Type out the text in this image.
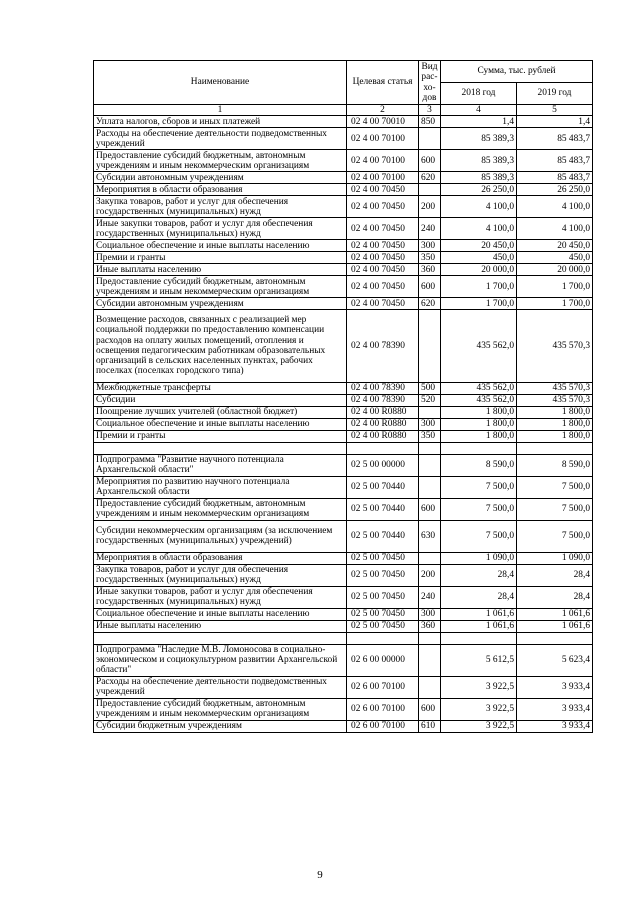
Наименование	Целевая статья	Вид
рас-
хо-
дов	Сумма, тыс. рублей	
			2018 год	2019 год
1	2	3	4	5
Уплата налогов, сборов и иных платежей	02 4 00 70010	850	1,4	1,4
Расходы на обеспечение деятельности подведомственных учреждений	02 4 00 70100		85 389,3	85 483,7
Предоставление субсидий бюджетным, автономным учреждениям и иным некоммерческим организациям	02 4 00 70100	600	85 389,3	85 483,7
Субсидии автономным учреждениям	02 4 00 70100	620	85 389,3	85 483,7
Мероприятия в области образования	02 4 00 70450		26 250,0	26 250,0
Закупка товаров, работ и услуг для обеспечения государственных (муниципальных) нужд	02 4 00 70450	200	4 100,0	4 100,0
Иные закупки товаров, работ и услуг для обеспечения государственных (муниципальных) нужд	02 4 00 70450	240	4 100,0	4 100,0
Социальное обеспечение и иные выплаты населению	02 4 00 70450	300	20 450,0	20 450,0
Премии и гранты	02 4 00 70450	350	450,0	450,0
Иные выплаты населению	02 4 00 70450	360	20 000,0	20 000,0
Предоставление субсидий бюджетным, автономным учреждениям и иным некоммерческим организациям	02 4 00 70450	600	1 700,0	1 700,0
Субсидии автономным учреждениям	02 4 00 70450	620	1 700,0	1 700,0
Возмещение расходов, связанных с реализацией мер социальной поддержки по предоставлению компенсации расходов на оплату жилых помещений, отопления и освещения педагогическим работникам образовательных организаций в сельских населенных пунктах, рабочих поселках (поселках городского типа)	02 4 00 78390		435 562,0	435 570,3
Межбюджетные трансферты	02 4 00 78390	500	435 562,0	435 570,3
Субсидии	02 4 00 78390	520	435 562,0	435 570,3
Поощрение лучших учителей (областной бюджет)	02 4 00 R0880		1 800,0	1 800,0
Социальное обеспечение и иные выплаты населению	02 4 00 R0880	300	1 800,0	1 800,0
Премии и гранты	02 4 00 R0880	350	1 800,0	1 800,0

Подпрограмма "Развитие научного потенциала Архангельской области"	02 5 00 00000		8 590,0	8 590,0
Мероприятия по развитию научного потенциала Архангельской области	02 5 00 70440		7 500,0	7 500,0
Предоставление субсидий бюджетным, автономным учреждениям и иным некоммерческим организациям	02 5 00 70440	600	7 500,0	7 500,0
Субсидии некоммерческим организациям (за исключением государственных (муниципальных) учреждений)	02 5 00 70440	630	7 500,0	7 500,0
Мероприятия в области образования	02 5 00 70450		1 090,0	1 090,0
Закупка товаров, работ и услуг для обеспечения государственных (муниципальных) нужд	02 5 00 70450	200	28,4	28,4
Иные закупки товаров, работ и услуг для обеспечения государственных (муниципальных) нужд	02 5 00 70450	240	28,4	28,4
Социальное обеспечение и иные выплаты населению	02 5 00 70450	300	1 061,6	1 061,6
Иные выплаты населению	02 5 00 70450	360	1 061,6	1 061,6

Подпрограмма "Наследие М.В. Ломоносова в социально-экономическом и социокультурном развитии Архангельской области"	02 6 00 00000		5 612,5	5 623,4
Расходы на обеспечение деятельности подведомственных учреждений	02 6 00 70100		3 922,5	3 933,4
Предоставление субсидий бюджетным, автономным учреждениям и иным некоммерческим организациям	02 6 00 70100	600	3 922,5	3 933,4
Субсидии бюджетным учреждениям	02 6 00 70100	610	3 922,5	3 933,4
9
